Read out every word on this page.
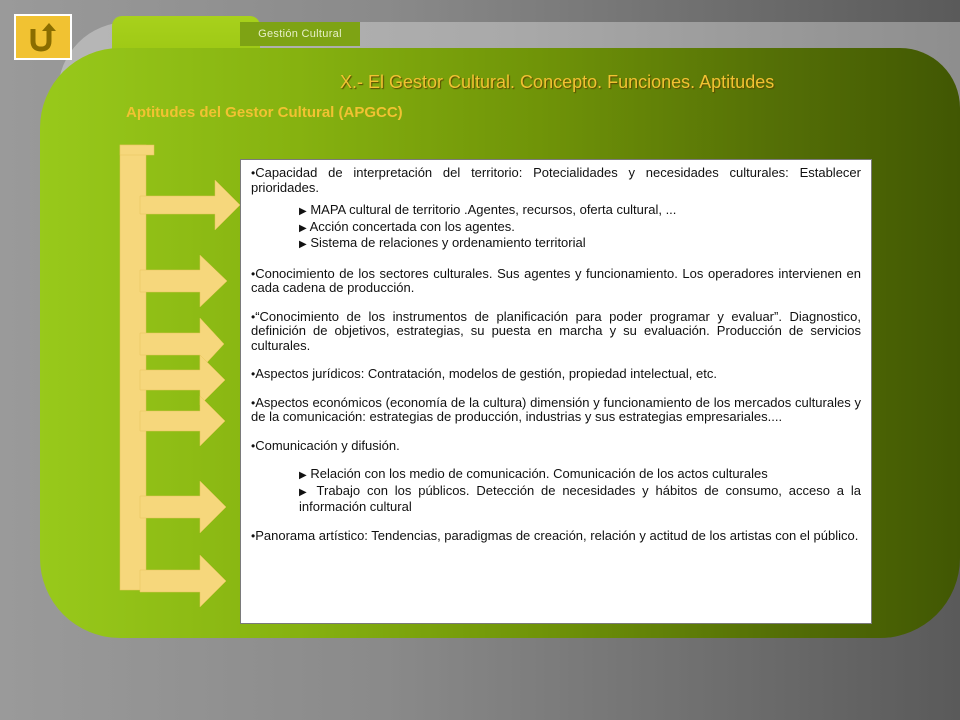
Gestión Cultural
X.- El Gestor Cultural. Concepto. Funciones. Aptitudes
Aptitudes del Gestor Cultural (APGCC)

•Capacidad de interpretación del territorio: Potecialidades y necesidades culturales: Establecer prioridades.

▶ MAPA cultural de territorio .Agentes, recursos, oferta cultural, ...

▶ Acción concertada con los agentes.

▶ Sistema de relaciones y ordenamiento territorial

•Conocimiento de los sectores culturales. Sus agentes y funcionamiento. Los operadores intervienen en cada cadena de producción.

•“Conocimiento de los instrumentos de planificación para poder programar y evaluar”. Diagnostico, definición de objetivos, estrategias, su puesta en marcha y su evaluación. Producción de servicios culturales.

•Aspectos jurídicos: Contratación, modelos de gestión, propiedad intelectual, etc.

•Aspectos económicos (economía de la cultura) dimensión y funcionamiento de los mercados culturales y de la comunicación: estrategias de producción, industrias y sus estrategias empresariales....

•Comunicación y difusión.

▶ Relación con los medio de comunicación. Comunicación de los actos culturales

▶ Trabajo con los públicos. Detección de necesidades y hábitos de consumo, acceso a la información cultural

•Panorama artístico: Tendencias, paradigmas de creación, relación y actitud de los artistas con el público.
